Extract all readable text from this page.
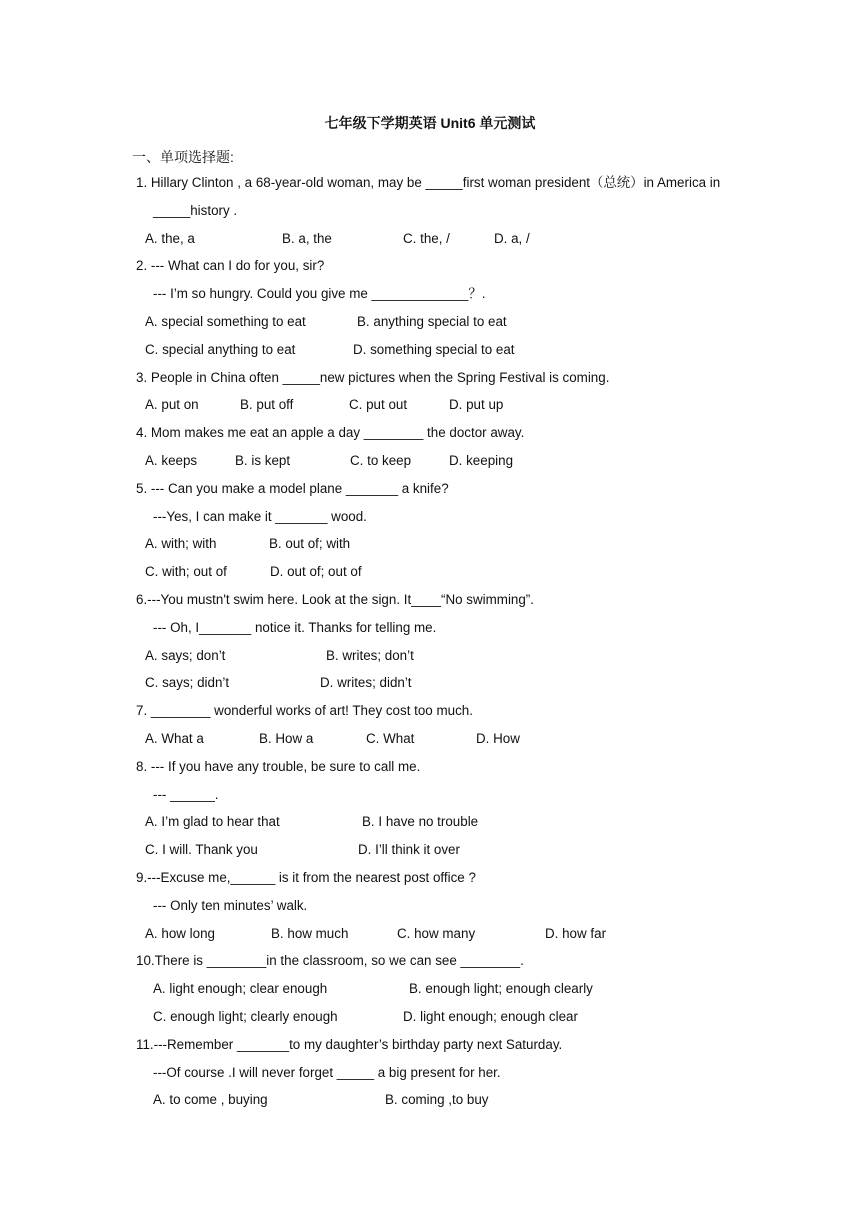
七年级下学期英语 Unit6 单元测试
一、单项选择题:
1. Hillary Clinton , a 68-year-old woman, may be _____first woman president（总统）in America in
_____history .
A. the, a	B. a, the	C. the, /	D. a, /
2. --- What can I do for you, sir?
--- I’m so hungry. Could you give me _____________？.
A. special something to eat	B. anything special to eat
C. special anything to eat	D. something special to eat
3. People in China often _____new pictures when the Spring Festival is coming.
A. put on	B. put off	C. put out	D. put up
4. Mom makes me eat an apple a day ________ the doctor away.
A. keeps	B. is kept	C. to keep	D. keeping
5. --- Can you make a model plane _______ a knife?
---Yes, I can make it _______ wood.
A. with; with	B. out of; with
C. with; out of	D. out of; out of
6.---You mustn't swim here. Look at the sign. It____“No swimming”.
--- Oh, I_______ notice it. Thanks for telling me.
A. says; don’t	B. writes; don’t
C. says; didn’t	D. writes; didn’t
7. ________ wonderful works of art! They cost too much.
A. What a	B. How a	C. What	D. How
8. --- If you have any trouble, be sure to call me.
--- ______.
A. I’m glad to hear that	B. I have no trouble
C. I will. Thank you	D. I’ll think it over
9.---Excuse me,______ is it from the nearest post office ?
--- Only ten minutes’ walk.
A. how long	B. how much	C. how many	D. how far
10.There is ________in the classroom, so we can see ________.
A. light enough; clear enough	B. enough light; enough clearly
C. enough light; clearly enough	D. light enough; enough clear
11.---Remember _______to my daughter’s birthday party next Saturday.
---Of course .I will never forget _____ a big present for her.
A. to come , buying	B. coming ,to buy
